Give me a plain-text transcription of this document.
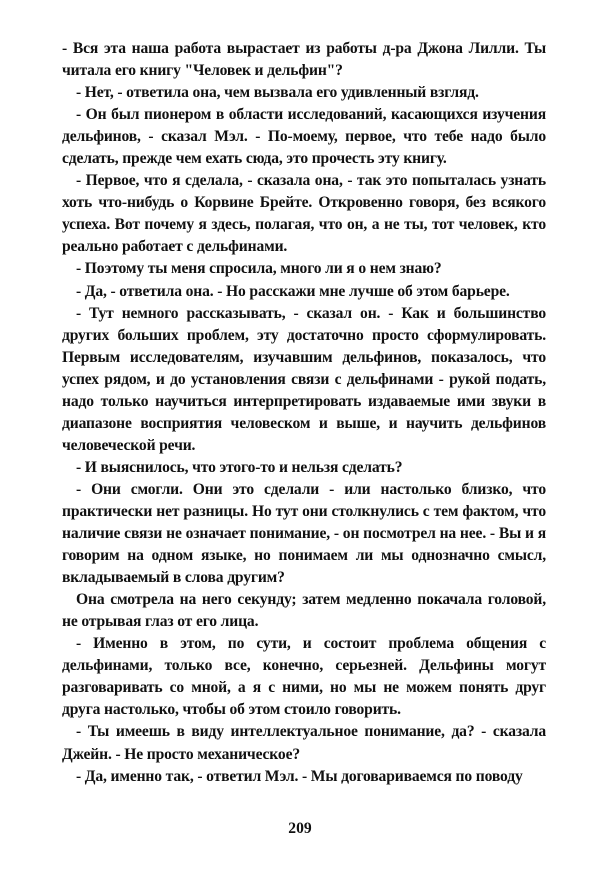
- Вся эта наша работа вырастает из работы д-ра Джона Лилли. Ты читала его книгу "Человек и дельфин"?

- Нет, - ответила она, чем вызвала его удивленный взгляд.

- Он был пионером в области исследований, касающихся изучения дельфинов, - сказал Мэл. - По-моему, первое, что тебе надо было сделать, прежде чем ехать сюда, это прочесть эту книгу.

- Первое, что я сделала, - сказала она, - так это попыталась узнать хоть что-нибудь о Корвине Брейте. Откровенно говоря, без всякого успеха. Вот почему я здесь, полагая, что он, а не ты, тот человек, кто реально работает с дельфинами.

- Поэтому ты меня спросила, много ли я о нем знаю?

- Да, - ответила она. - Но расскажи мне лучше об этом барьере.

- Тут немного рассказывать, - сказал он. - Как и большинство других больших проблем, эту достаточно просто сформулировать. Первым исследователям, изучавшим дельфинов, показалось, что успех рядом, и до установления связи с дельфинами - рукой подать, надо только научиться интерпретировать издаваемые ими звуки в диапазоне восприятия человеском и выше, и научить дельфинов человеческой речи.

- И выяснилось, что этого-то и нельзя сделать?

- Они смогли. Они это сделали - или настолько близко, что практически нет разницы. Но тут они столкнулись с тем фактом, что наличие связи не означает понимание, - он посмотрел на нее. - Вы и я говорим на одном языке, но понимаем ли мы однозначно смысл, вкладываемый в слова другим?

Она смотрела на него секунду; затем медленно покачала головой, не отрывая глаз от его лица.

- Именно в этом, по сути, и состоит проблема общения с дельфинами, только все, конечно, серьезней. Дельфины могут разговаривать со мной, а я с ними, но мы не можем понять друг друга настолько, чтобы об этом стоило говорить.

- Ты имеешь в виду интеллектуальное понимание, да? - сказала Джейн. - Не просто механическое?

- Да, именно так, - ответил Мэл. - Мы договариваемся по поводу

209
